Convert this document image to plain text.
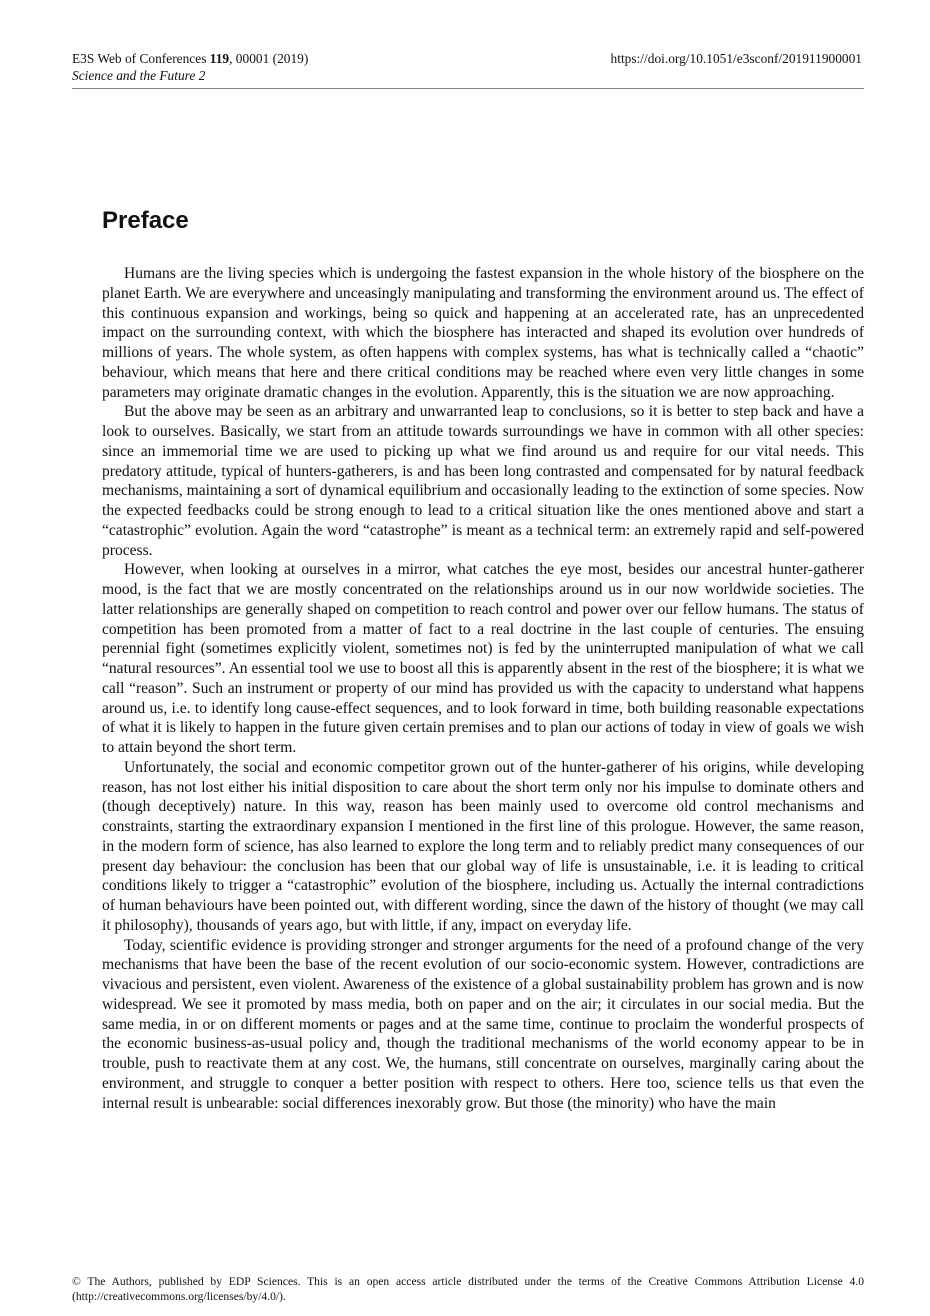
E3S Web of Conferences 119, 00001 (2019)
Science and the Future 2
https://doi.org/10.1051/e3sconf/201911900001
Preface

Humans are the living species which is undergoing the fastest expansion in the whole history of the biosphere on the planet Earth. We are everywhere and unceasingly manipulating and transforming the environment around us. The effect of this continuous expansion and workings, being so quick and happening at an accelerated rate, has an unprecedented impact on the surrounding context, with which the biosphere has interacted and shaped its evolution over hundreds of millions of years. The whole system, as often happens with complex systems, has what is technically called a “chaotic” behaviour, which means that here and there critical conditions may be reached where even very little changes in some parameters may originate dramatic changes in the evolution. Apparently, this is the situation we are now approaching.

But the above may be seen as an arbitrary and unwarranted leap to conclusions, so it is better to step back and have a look to ourselves. Basically, we start from an attitude towards surroundings we have in common with all other species: since an immemorial time we are used to picking up what we find around us and require for our vital needs. This predatory attitude, typical of hunters-gatherers, is and has been long contrasted and compensated for by natural feedback mechanisms, maintaining a sort of dynamical equilibrium and occasionally leading to the extinction of some species. Now the expected feedbacks could be strong enough to lead to a critical situation like the ones mentioned above and start a “catastrophic” evolution. Again the word “catastrophe” is meant as a technical term: an extremely rapid and self-powered process.

However, when looking at ourselves in a mirror, what catches the eye most, besides our ancestral hunter-gatherer mood, is the fact that we are mostly concentrated on the relationships around us in our now worldwide societies. The latter relationships are generally shaped on competition to reach control and power over our fellow humans. The status of competition has been promoted from a matter of fact to a real doctrine in the last couple of centuries. The ensuing perennial fight (sometimes explicitly violent, sometimes not) is fed by the uninterrupted manipulation of what we call “natural resources”. An essential tool we use to boost all this is apparently absent in the rest of the biosphere; it is what we call “reason”. Such an instrument or property of our mind has provided us with the capacity to understand what happens around us, i.e. to identify long cause-effect sequences, and to look forward in time, both building reasonable expectations of what it is likely to happen in the future given certain premises and to plan our actions of today in view of goals we wish to attain beyond the short term.

Unfortunately, the social and economic competitor grown out of the hunter-gatherer of his origins, while developing reason, has not lost either his initial disposition to care about the short term only nor his impulse to dominate others and (though deceptively) nature. In this way, reason has been mainly used to overcome old control mechanisms and constraints, starting the extraordinary expansion I mentioned in the first line of this prologue. However, the same reason, in the modern form of science, has also learned to explore the long term and to reliably predict many consequences of our present day behaviour: the conclusion has been that our global way of life is unsustainable, i.e. it is leading to critical conditions likely to trigger a “catastrophic” evolution of the biosphere, including us. Actually the internal contradictions of human behaviours have been pointed out, with different wording, since the dawn of the history of thought (we may call it philosophy), thousands of years ago, but with little, if any, impact on everyday life.

Today, scientific evidence is providing stronger and stronger arguments for the need of a profound change of the very mechanisms that have been the base of the recent evolution of our socio-economic system. However, contradictions are vivacious and persistent, even violent. Awareness of the existence of a global sustainability problem has grown and is now widespread. We see it promoted by mass media, both on paper and on the air; it circulates in our social media. But the same media, in or on different moments or pages and at the same time, continue to proclaim the wonderful prospects of the economic business-as-usual policy and, though the traditional mechanisms of the world economy appear to be in trouble, push to reactivate them at any cost. We, the humans, still concentrate on ourselves, marginally caring about the environment, and struggle to conquer a better position with respect to others. Here too, science tells us that even the internal result is unbearable: social differences inexorably grow. But those (the minority) who have the main

© The Authors, published by EDP Sciences. This is an open access article distributed under the terms of the Creative Commons Attribution License 4.0 (http://creativecommons.org/licenses/by/4.0/).
